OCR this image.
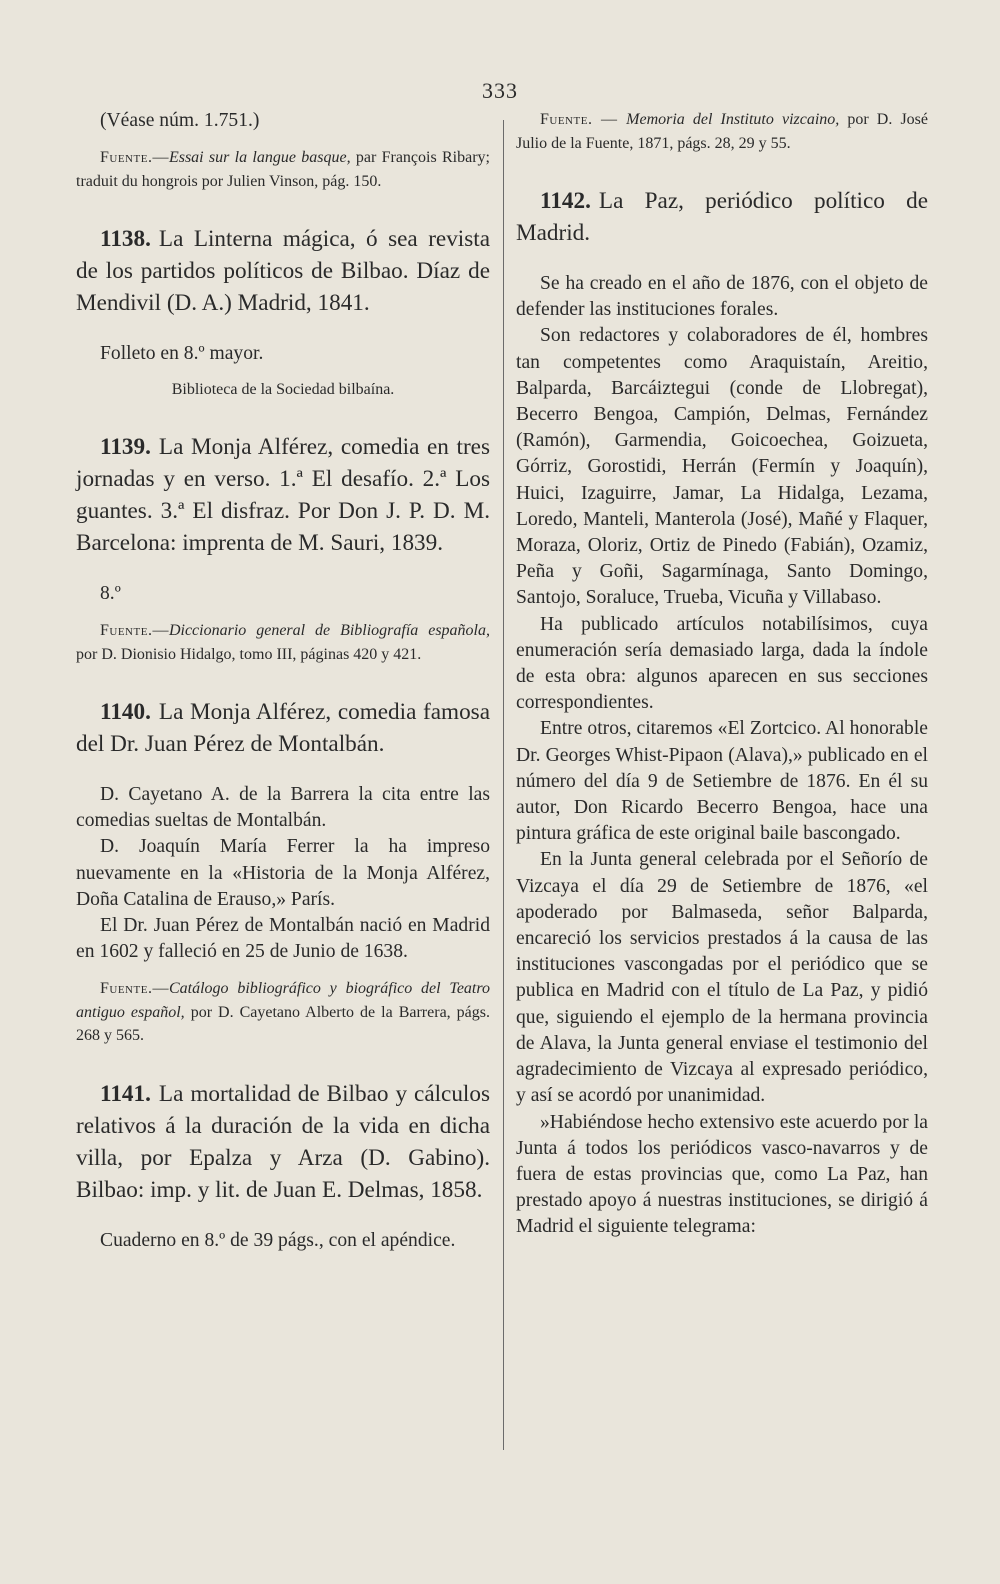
333

(Véase núm. 1.751.)

Fuente.—Essai sur la langue basque, par François Ribary; traduit du hongrois por Julien Vinson, pág. 150.

1138. La Linterna mágica, ó sea revista de los partidos políticos de Bilbao. Díaz de Mendivil (D. A.) Madrid, 1841.

Folleto en 8.º mayor.

Biblioteca de la Sociedad bilbaína.

1139. La Monja Alférez, comedia en tres jornadas y en verso. 1.ª El desafío. 2.ª Los guantes. 3.ª El disfraz. Por Don J. P. D. M. Barcelona: imprenta de M. Sauri, 1839.

8.º

Fuente.—Diccionario general de Bibliografía española, por D. Dionisio Hidalgo, tomo III, páginas 420 y 421.

1140. La Monja Alférez, comedia famosa del Dr. Juan Pérez de Montalbán.

D. Cayetano A. de la Barrera la cita entre las comedias sueltas de Montalbán.

D. Joaquín María Ferrer la ha impreso nuevamente en la «Historia de la Monja Alférez, Doña Catalina de Erauso,» París.

El Dr. Juan Pérez de Montalbán nació en Madrid en 1602 y falleció en 25 de Junio de 1638.

Fuente.—Catálogo bibliográfico y biográfico del Teatro antiguo español, por D. Cayetano Alberto de la Barrera, págs. 268 y 565.

1141. La mortalidad de Bilbao y cálculos relativos á la duración de la vida en dicha villa, por Epalza y Arza (D. Gabino). Bilbao: imp. y lit. de Juan E. Delmas, 1858.

Cuaderno en 8.º de 39 págs., con el apéndice.

Fuente. — Memoria del Instituto vizcaino, por D. José Julio de la Fuente, 1871, págs. 28, 29 y 55.

1142. La Paz, periódico político de Madrid.

Se ha creado en el año de 1876, con el objeto de defender las instituciones forales.

Son redactores y colaboradores de él, hombres tan competentes como Araquistaín, Areitio, Balparda, Barcáiztegui (conde de Llobregat), Becerro Bengoa, Campión, Delmas, Fernández (Ramón), Garmendia, Goicoechea, Goizueta, Górriz, Gorostidi, Herrán (Fermín y Joaquín), Huici, Izaguirre, Jamar, La Hidalga, Lezama, Loredo, Manteli, Manterola (José), Mañé y Flaquer, Moraza, Oloriz, Ortiz de Pinedo (Fabián), Ozamiz, Peña y Goñi, Sagarmínaga, Santo Domingo, Santojo, Soraluce, Trueba, Vicuña y Villabaso.

Ha publicado artículos notabilísimos, cuya enumeración sería demasiado larga, dada la índole de esta obra: algunos aparecen en sus secciones correspondientes.

Entre otros, citaremos «El Zortcico. Al honorable Dr. Georges Whist-Pipaon (Alava),» publicado en el número del día 9 de Setiembre de 1876. En él su autor, Don Ricardo Becerro Bengoa, hace una pintura gráfica de este original baile bascongado.

En la Junta general celebrada por el Señorío de Vizcaya el día 29 de Setiembre de 1876, «el apoderado por Balmaseda, señor Balparda, encareció los servicios prestados á la causa de las instituciones vascongadas por el periódico que se publica en Madrid con el título de La Paz, y pidió que, siguiendo el ejemplo de la hermana provincia de Alava, la Junta general enviase el testimonio del agradecimiento de Vizcaya al expresado periódico, y así se acordó por unanimidad.

»Habiéndose hecho extensivo este acuerdo por la Junta á todos los periódicos vasco-navarros y de fuera de estas provincias que, como La Paz, han prestado apoyo á nuestras instituciones, se dirigió á Madrid el siguiente telegrama:
